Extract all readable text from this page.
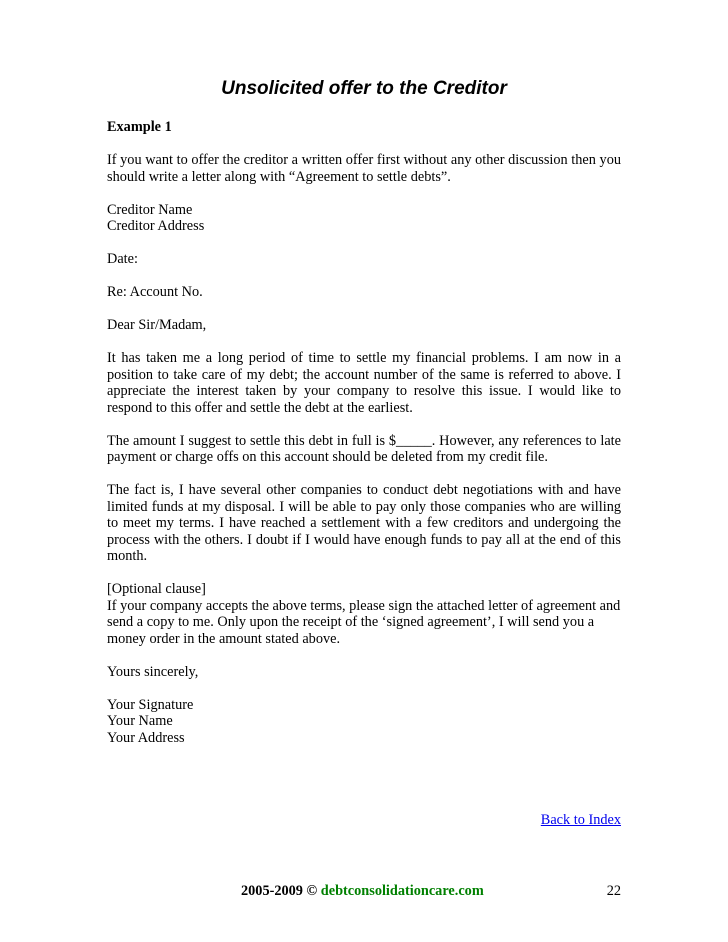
Unsolicited offer to the Creditor

Example 1

If you want to offer the creditor a written offer first without any other discussion then you should write a letter along with “Agreement to settle debts”.

Creditor Name
Creditor Address

Date:

Re: Account No.

Dear Sir/Madam,

It has taken me a long period of time to settle my financial problems. I am now in a position to take care of my debt; the account number of the same is referred to above. I appreciate the interest taken by your company to resolve this issue. I would like to respond to this offer and settle the debt at the earliest.

The amount I suggest to settle this debt in full is $_____. However, any references to late payment or charge offs on this account should be deleted from my credit file.

The fact is, I have several other companies to conduct debt negotiations with and have limited funds at my disposal. I will be able to pay only those companies who are willing to meet my terms. I have reached a settlement with a few creditors and undergoing the process with the others. I doubt if I would have enough funds to pay all at the end of this month.

[Optional clause]
If your company accepts the above terms, please sign the attached letter of agreement and send a copy to me. Only upon the receipt of the ‘signed agreement’, I will send you a money order in the amount stated above.

Yours sincerely,

Your Signature
Your Name
Your Address

Back to Index
2005-2009 © debtconsolidationcare.com	22
